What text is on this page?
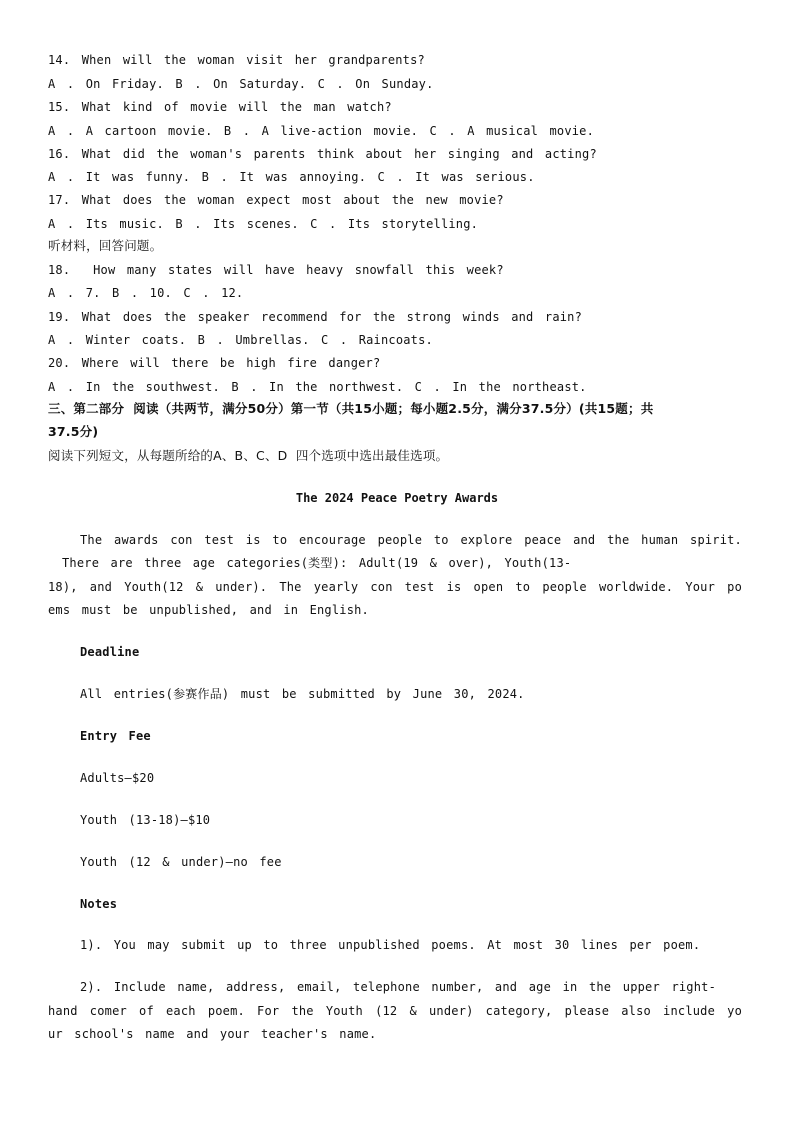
14. When will the woman visit her grandparents?
A . On Friday. B . On Saturday. C . On Sunday.
15. What kind of movie will the man watch?
A . A cartoon movie. B . A live-action movie. C . A musical movie.
16. What did the woman's parents think about her singing and acting?
A . It was funny. B . It was annoying. C . It was serious.
17. What does the woman expect most about the new movie?
A . Its music. B . Its scenes. C . Its storytelling.
听材料，回答问题。
18.  How many states will have heavy snowfall this week?
A . 7. B . 10. C . 12.
19. What does the speaker recommend for the strong winds and rain?
A . Winter coats. B . Umbrellas. C . Raincoats.
20. Where will there be high fire danger?
A . In the southwest. B . In the northwest. C . In the northeast.
三、第二部分  阅读（共两节，满分50分）第一节（共15小题；每小题2.5分，满分37.5分）(共15题；共
37.5分)
阅读下列短文，从每题所给的A、B、C、D  四个选项中选出最佳选项。
The 2024 Peace Poetry Awards
The awards con test is to encourage people to explore peace and the human spirit.
There are three age categories(类型): Adult(19 & over), Youth(13-
18), and Youth(12 & under). The yearly con test is open to people worldwide. Your po
ems must be unpublished, and in English.
Deadline
All entries(参赛作品) must be submitted by June 30, 2024.
Entry Fee
Adults—$20
Youth (13-18)—$10
Youth (12 & under)—no fee
Notes
1). You may submit up to three unpublished poems. At most 30 lines per poem.
2). Include name, address, email, telephone number, and age in the upper right-
hand comer of each poem. For the Youth (12 & under) category, please also include yo
ur school's name and your teacher's name.
